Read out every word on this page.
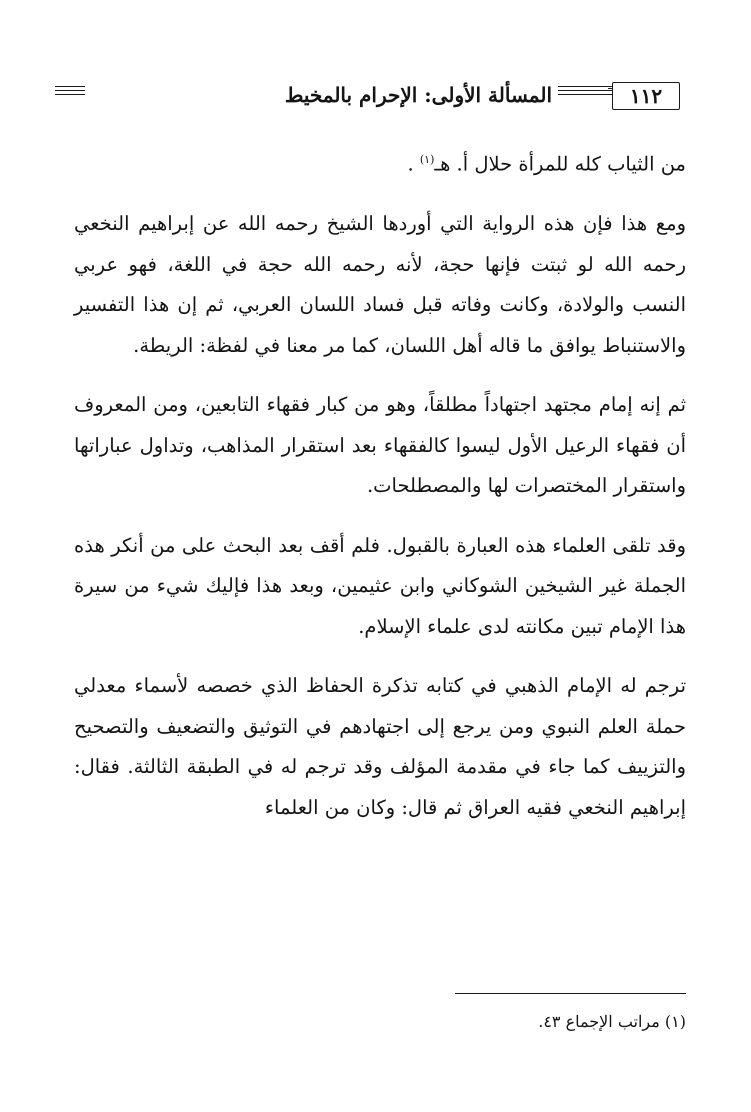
١١٢
المسألة الأولى: الإحرام بالمخيط

من الثياب كله للمرأة حلال أ. هـ$^{(١)}$ .

ومع هذا فإن هذه الرواية التي أوردها الشيخ رحمه الله عن إبراهيم النخعي رحمه الله لو ثبتت فإنها حجة، لأنه رحمه الله حجة في اللغة، فهو عربي النسب والولادة، وكانت وفاته قبل فساد اللسان العربي، ثم إن هذا التفسير والاستنباط يوافق ما قاله أهل اللسان، كما مر معنا في لفظة: الريطة.

ثم إنه إمام مجتهد اجتهاداً مطلقاً، وهو من كبار فقهاء التابعين، ومن المعروف أن فقهاء الرعيل الأول ليسوا كالفقهاء بعد استقرار المذاهب، وتداول عباراتها واستقرار المختصرات لها والمصطلحات.

وقد تلقى العلماء هذه العبارة بالقبول. فلم أقف بعد البحث على من أنكر هذه الجملة غير الشيخين الشوكاني وابن عثيمين، وبعد هذا فإليك شيء من سيرة هذا الإمام تبين مكانته لدى علماء الإسلام.

ترجم له الإمام الذهبي في كتابه تذكرة الحفاظ الذي خصصه لأسماء معدلي حملة العلم النبوي ومن يرجع إلى اجتهادهم في التوثيق والتضعيف والتصحيح والتزييف كما جاء في مقدمة المؤلف وقد ترجم له في الطبقة الثالثة. فقال: إبراهيم النخعي فقيه العراق ثم قال: وكان من العلماء

(١) مراتب الإجماع ٤٣.
